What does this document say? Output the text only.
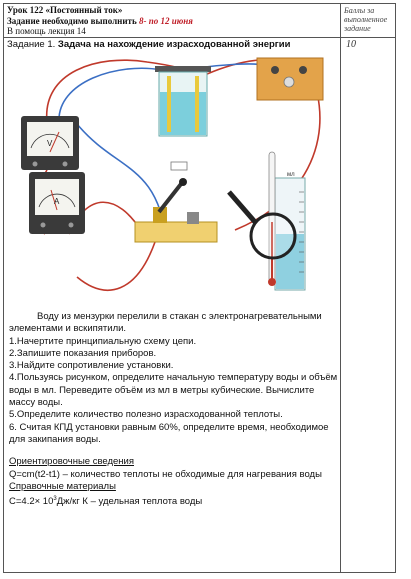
Урок 122 «Постоянный ток»
Задание необходимо выполнить 8- по 12 июня
В помощь лекция 14
Баллы за выполненное задание
Задание 1. Задача на нахождение израсходованной энергии	10
V
A
мл

Воду из мензурки перелили в стакан с электронагревательными элементами и вскипятили.

1.Начертите принципиальную схему цепи.

2.Запишите показания приборов.

3.Найдите сопротивление установки.

4.Пользуясь рисунком, определите начальную температуру воды и объём воды в мл. Переведите объём из мл в метры кубические. Вычислите массу воды.

5.Определите количество полезно израсходованной теплоты.

6. Считая КПД установки равным 60%, определите время, необходимое для закипания воды.

Ориентировочные сведения

Q=cm(t2-t1) – количество теплоты не обходимые для нагревания воды

Справочные материалы

$C=4.2\times 10^3Дж/кг$ К – удельная теплота воды
